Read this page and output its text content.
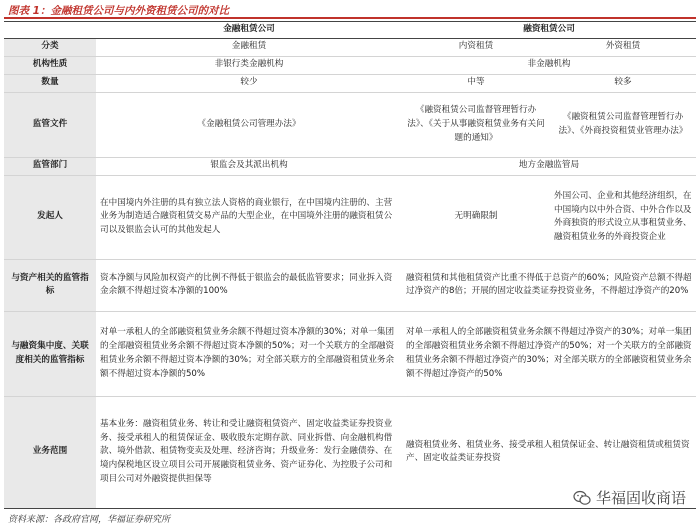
图表 1：金融租赁公司与内外资租赁公司的对比
	金融租赁公司	融资租赁公司	
分类	金融租赁	内资租赁	外资租赁
机构性质	非银行类金融机构	非金融机构	
数量	较少	中等	较多
监管文件	《金融租赁公司管理办法》	《融资租赁公司监督管理暂行办法》、《关于从事融资租赁业务有关问题的通知》	《融资租赁公司监督管理暂行办法》、《外商投资租赁业管理办法》
监管部门	银监会及其派出机构	地方金融监管局	
发起人	在中国境内外注册的具有独立法人资格的商业银行，在中国境内注册的、主营业务为制造适合融资租赁交易产品的大型企业，在中国境外注册的融资租赁公司以及银监会认可的其他发起人	无明确限制	外国公司、企业和其他经济组织，在中国境内以中外合资、中外合作以及外商独资的形式设立从事租赁业务、融资租赁业务的外商投资企业
与资产相关的监管指标	资本净额与风险加权资产的比例不得低于银监会的最低监管要求；同业拆入资金余额不得超过资本净额的100%	融资租赁和其他租赁资产比重不得低于总资产的60%；风险资产总额不得超过净资产的8倍；开展的固定收益类证券投资业务，不得超过净资产的20%	
与融资集中度、关联度相关的监管指标	对单一承租人的全部融资租赁业务余额不得超过资本净额的30%；对单一集团的全部融资租赁业务余额不得超过资本净额的50%；对一个关联方的全部融资租赁业务余额不得超过资本净额的30%；对全部关联方的全部融资租赁业务余额不得超过资本净额的50%	对单一承租人的全部融资租赁业务余额不得超过净资产的30%；对单一集团的全部融资租赁业务余额不得超过净资产的50%；对一个关联方的全部融资租赁业务余额不得超过净资产的30%；对全部关联方的全部融资租赁业务余额不得超过净资产的50%	
业务范围	基本业务：融资租赁业务、转让和受让融资租赁资产、固定收益类证券投资业务、接受承租人的租赁保证金、吸收股东定期存款、同业拆借、向金融机构借款、境外借款、租赁物变卖及处理、经济咨询；升级业务：发行金融债券、在境内保税地区设立项目公司开展融资租赁业务、资产证券化、为控股子公司和项目公司对外融资提供担保等	融资租赁业务、租赁业务、接受承租人租赁保证金、转让融资租赁或租赁资产、固定收益类证券投资	
资料来源：各政府官网，华福证券研究所
华福固收商语
